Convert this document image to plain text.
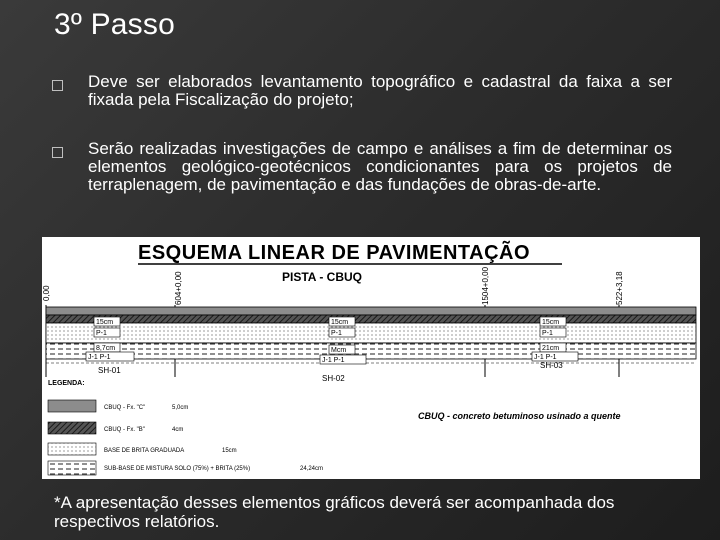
3º Passo
Deve ser elaborados levantamento topográfico e cadastral da faixa a ser fixada pela Fiscalização do projeto;
Serão realizadas investigações de campo e análises a fim de determinar os elementos geológico-geotécnicos condicionantes para os projetos de terraplenagem, de pavimentação e das fundações de obras-de-arte.
ESQUEMA LINEAR DE PAVIMENTAÇÃO
PISTA - CBUQ
0,00	604+0,00	1504+0,00	522+3,18
15cm
P-1
8,7cm
J-1 P-1
15cm
P-1
Mcm
J-1 P-1
15cm
P-1
21cm
J-1 P-1
SH-01
SH-02
SH-03
LEGENDA:
CBUQ - Fx. "C"	5,0cm
CBUQ - Fx. "B"	4cm
BASE DE BRITA GRADUADA	15cm
SUB-BASE DE MISTURA SOLO (75%) + BRITA (25%)	24,24cm
CBUQ - concreto betuminoso usinado a quente
*A apresentação desses elementos gráficos deverá ser acompanhada dos respectivos relatórios.
